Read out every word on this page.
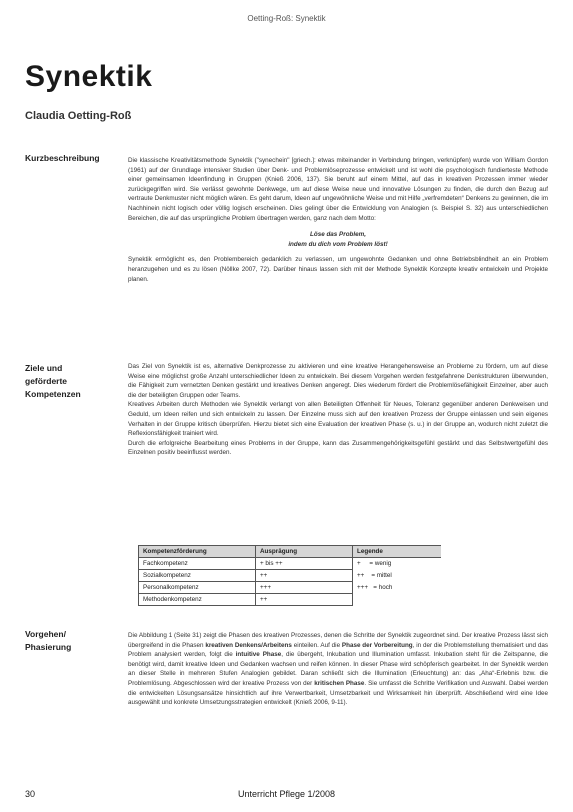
Oetting-Roß: Synektik
Synektik
Claudia Oetting-Roß
Kurzbeschreibung	Die klassische Kreativitätsmethode Synektik ("synechein" [griech.]: etwas miteinander in Verbindung bringen, verknüpfen) wurde von William Gordon (1961) auf der Grundlage intensiver Studien über Denk- und Problemlöseprozesse entwickelt und ist wohl die psychologisch fundierteste Methode einer gemeinsamen Ideenfindung in Gruppen (Knieß 2006, 137). Sie beruht auf einem Mittel, auf das in kreativen Prozessen immer wieder zurückgegriffen wird. Sie verlässt gewohnte Denkwege, um auf diese Weise neue und innovative Lösungen zu finden, die durch den Bezug auf vertraute Denkmuster nicht möglich wären. Es geht darum, Ideen auf ungewöhnliche Weise und mit Hilfe „verfremdeten“ Denkens zu gewinnen, die im Nachhinein nicht logisch oder völlig logisch erscheinen. Dies gelingt über die Entwicklung von Analogien (s. Beispiel S. 32) aus unterschiedlichen Bereichen, die auf das ursprüngliche Problem übertragen werden, ganz nach dem Motto:

Löse das Problem,
indem du dich vom Problem löst!

Synektik ermöglicht es, den Problembereich gedanklich zu verlassen, um ungewohnte Gedanken und ohne Betriebsblindheit an ein Problem heranzugehen und es zu lösen (Nöllke 2007, 72). Darüber hinaus lassen sich mit der Methode Synektik Konzepte kreativ entwickeln und Projekte planen.

Ziele und
geförderte
Kompetenzen

Das Ziel von Synektik ist es, alternative Denkprozesse zu aktivieren und eine kreative Herangehensweise an Probleme zu fördern, um auf diese Weise eine möglichst große Anzahl unterschiedlicher Ideen zu entwickeln. Bei diesem Vorgehen werden festgefahrene Denkstrukturen überwunden, die Fähigkeit zum vernetzten Denken gestärkt und kreatives Denken angeregt. Dies wiederum fördert die Problemlösefähigkeit Einzelner, aber auch die der beteiligten Gruppen oder Teams.

Kreatives Arbeiten durch Methoden wie Synektik verlangt von allen Beteiligten Offenheit für Neues, Toleranz gegenüber anderen Denkweisen und Geduld, um Ideen reifen und sich entwickeln zu lassen. Der Einzelne muss sich auf den kreativen Prozess der Gruppe einlassen und sein eigenes Verhalten in der Gruppe kritisch überprüfen. Hierzu bietet sich eine Evaluation der kreativen Phase (s. u.) in der Gruppe an, wodurch nicht zuletzt die Reflexionsfähigkeit trainiert wird.

Durch die erfolgreiche Bearbeitung eines Problems in der Gruppe, kann das Zusammengehörigkeitsgefühl gestärkt und das Selbstwertgefühl des Einzelnen positiv beeinflusst werden.

Kompetenzförderung	Ausprägung	Legende
Fachkompetenz	+ bis ++	+     = wenig
Sozialkompetenz	++	++    = mittel
Personalkompetenz	+++	+++   = hoch
Methodenkompetenz	++	
Vorgehen/
Phasierung

Die Abbildung 1 (Seite 31) zeigt die Phasen des kreativen Prozesses, denen die Schritte der Synektik zugeordnet sind. Der kreative Prozess lässt sich übergreifend in die Phasen kreativen Denkens/Arbeitens einteilen. Auf die Phase der Vorbereitung, in der die Problemstellung thematisiert und das Problem analysiert werden, folgt die intuitive Phase, die übergeht, Inkubation und Illumination umfasst. Inkubation steht für die Zeitspanne, die benötigt wird, damit kreative Ideen und Gedanken wachsen und reifen können. In dieser Phase wird schöpferisch gearbeitet. In der Synektik werden an dieser Stelle in mehreren Stufen Analogien gebildet. Daran schließt sich die Illumination (Erleuchtung) an: das „Aha“-Erlebnis bzw. die Problemlösung. Abgeschlossen wird der kreative Prozess von der kritischen Phase. Sie umfasst die Schritte Verifikation und Auswahl. Dabei werden die entwickelten Lösungsansätze hinsichtlich auf ihre Verwertbarkeit, Umsetzbarkeit und Wirksamkeit hin überprüft. Abschließend wird eine Idee ausgewählt und konkrete Umsetzungsstrategien entwickelt (Knieß 2006, 9-11).

30	Unterricht Pflege 1/2008
